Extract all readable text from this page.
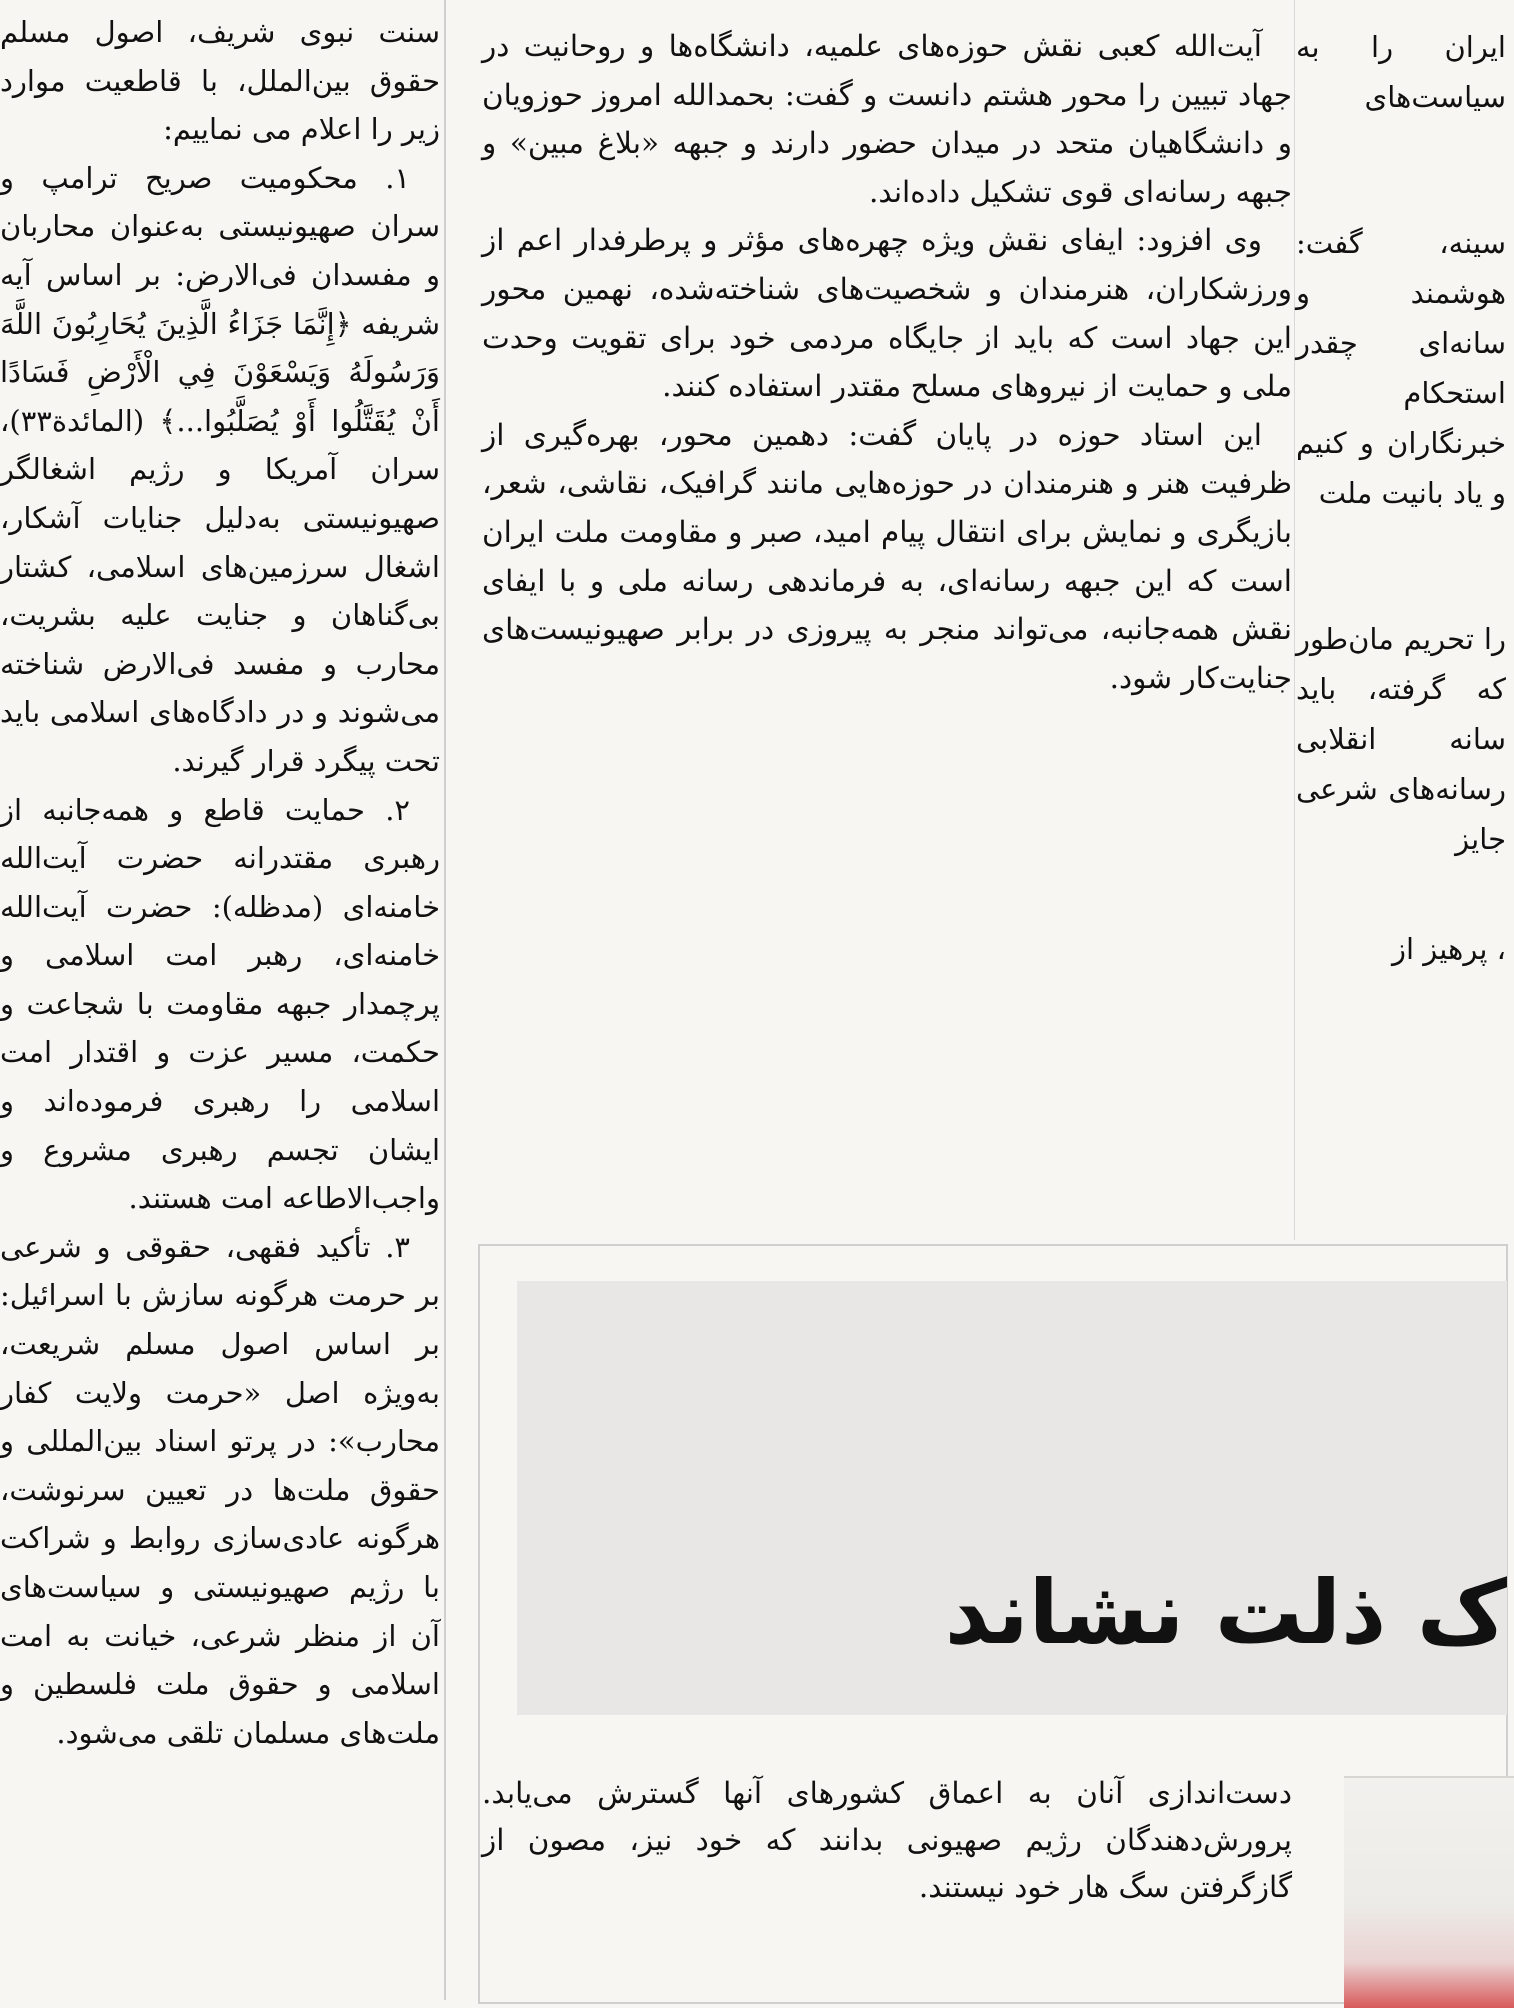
سنت نبوی شریف، اصول مسلم حقوق بین‌الملل، با قاطعیت موارد زیر را اعلام می نماییم:

۱. محکومیت صریح ترامپ و سران صهیونیستی به‌عنوان محاربان و مفسدان فی‌الارض: بر اساس آیه شریفه ﴿إِنَّمَا جَزَاءُ الَّذِينَ يُحَارِبُونَ اللَّهَ وَرَسُولَهُ وَيَسْعَوْنَ فِي الْأَرْضِ فَسَادًا أَنْ يُقَتَّلُوا أَوْ يُصَلَّبُوا...﴾ (المائدة۳۳)، سران آمریکا و رژیم اشغالگر صهیونیستی به‌دلیل جنایات آشکار، اشغال سرزمین‌های اسلامی، کشتار بی‌گناهان و جنایت علیه بشریت، محارب و مفسد فی‌الارض شناخته می‌شوند و در دادگاه‌های اسلامی باید تحت پیگرد قرار گیرند.

۲. حمایت قاطع و همه‌جانبه از رهبری مقتدرانه حضرت آیت‌الله خامنه‌ای (مدظله): حضرت آیت‌الله خامنه‌ای، رهبر امت اسلامی و پرچمدار جبهه مقاومت با شجاعت و حکمت، مسیر عزت و اقتدار امت اسلامی را رهبری فرموده‌اند و ایشان تجسم رهبری مشروع و واجب‌الاطاعه امت هستند.

۳. تأکید فقهی، حقوقی و شرعی بر حرمت هرگونه سازش با اسرائیل: بر اساس اصول مسلم شریعت، به‌ویژه اصل «حرمت ولایت کفار محارب»: در پرتو اسناد بین‌المللی و حقوق ملت‌ها در تعیین سرنوشت، هرگونه عادی‌سازی روابط و شراکت با رژیم صهیونیستی و سیاست‌های آن از منظر شرعی، خیانت به امت اسلامی و حقوق ملت فلسطین و ملت‌های مسلمان تلقی می‌شود.

آیت‌الله کعبی نقش حوزه‌های علمیه، دانشگاه‌ها و روحانیت در جهاد تبیین را محور هشتم دانست و گفت: بحمدالله امروز حوزویان و دانشگاهیان متحد در میدان حضور دارند و جبهه «بلاغ مبین» و جبهه رسانه‌ای قوی تشکیل داده‌اند.

وی افزود: ایفای نقش ویژه چهره‌های مؤثر و پرطرفدار اعم از ورزشکاران، هنرمندان و شخصیت‌های شناخته‌شده، نهمین محور این جهاد است که باید از جایگاه مردمی خود برای تقویت وحدت ملی و حمایت از نیروهای مسلح مقتدر استفاده کنند.

این استاد حوزه در پایان گفت: دهمین محور، بهره‌گیری از ظرفیت هنر و هنرمندان در حوزه‌هایی مانند گرافیک، نقاشی، شعر، بازیگری و نمایش برای انتقال پیام امید، صبر و مقاومت ملت ایران است که این جبهه رسانه‌ای، به فرماندهی رسانه ملی و با ایفای نقش همه‌جانبه، می‌تواند منجر به پیروزی در برابر صهیونیست‌های جنایت‌کار شود.

ایران را به سیاست‌های

سینه، گفت: هوشمند و سانه‌ای چقدر استحکام خبرنگاران و کنیم و یاد بانیت ملت

را تحریم مان‌طور که گرفته، باید سانه انقلابی رسانه‌های شرعی جایز

، پرهیز از

ک ذلت نشاند

دست‌اندازی آنان به اعماق کشورهای آنها گسترش می‌یابد. پرورش‌دهندگان رژیم صهیونی بدانند که خود نیز، مصون از گازگرفتن سگ هار خود نیستند.
